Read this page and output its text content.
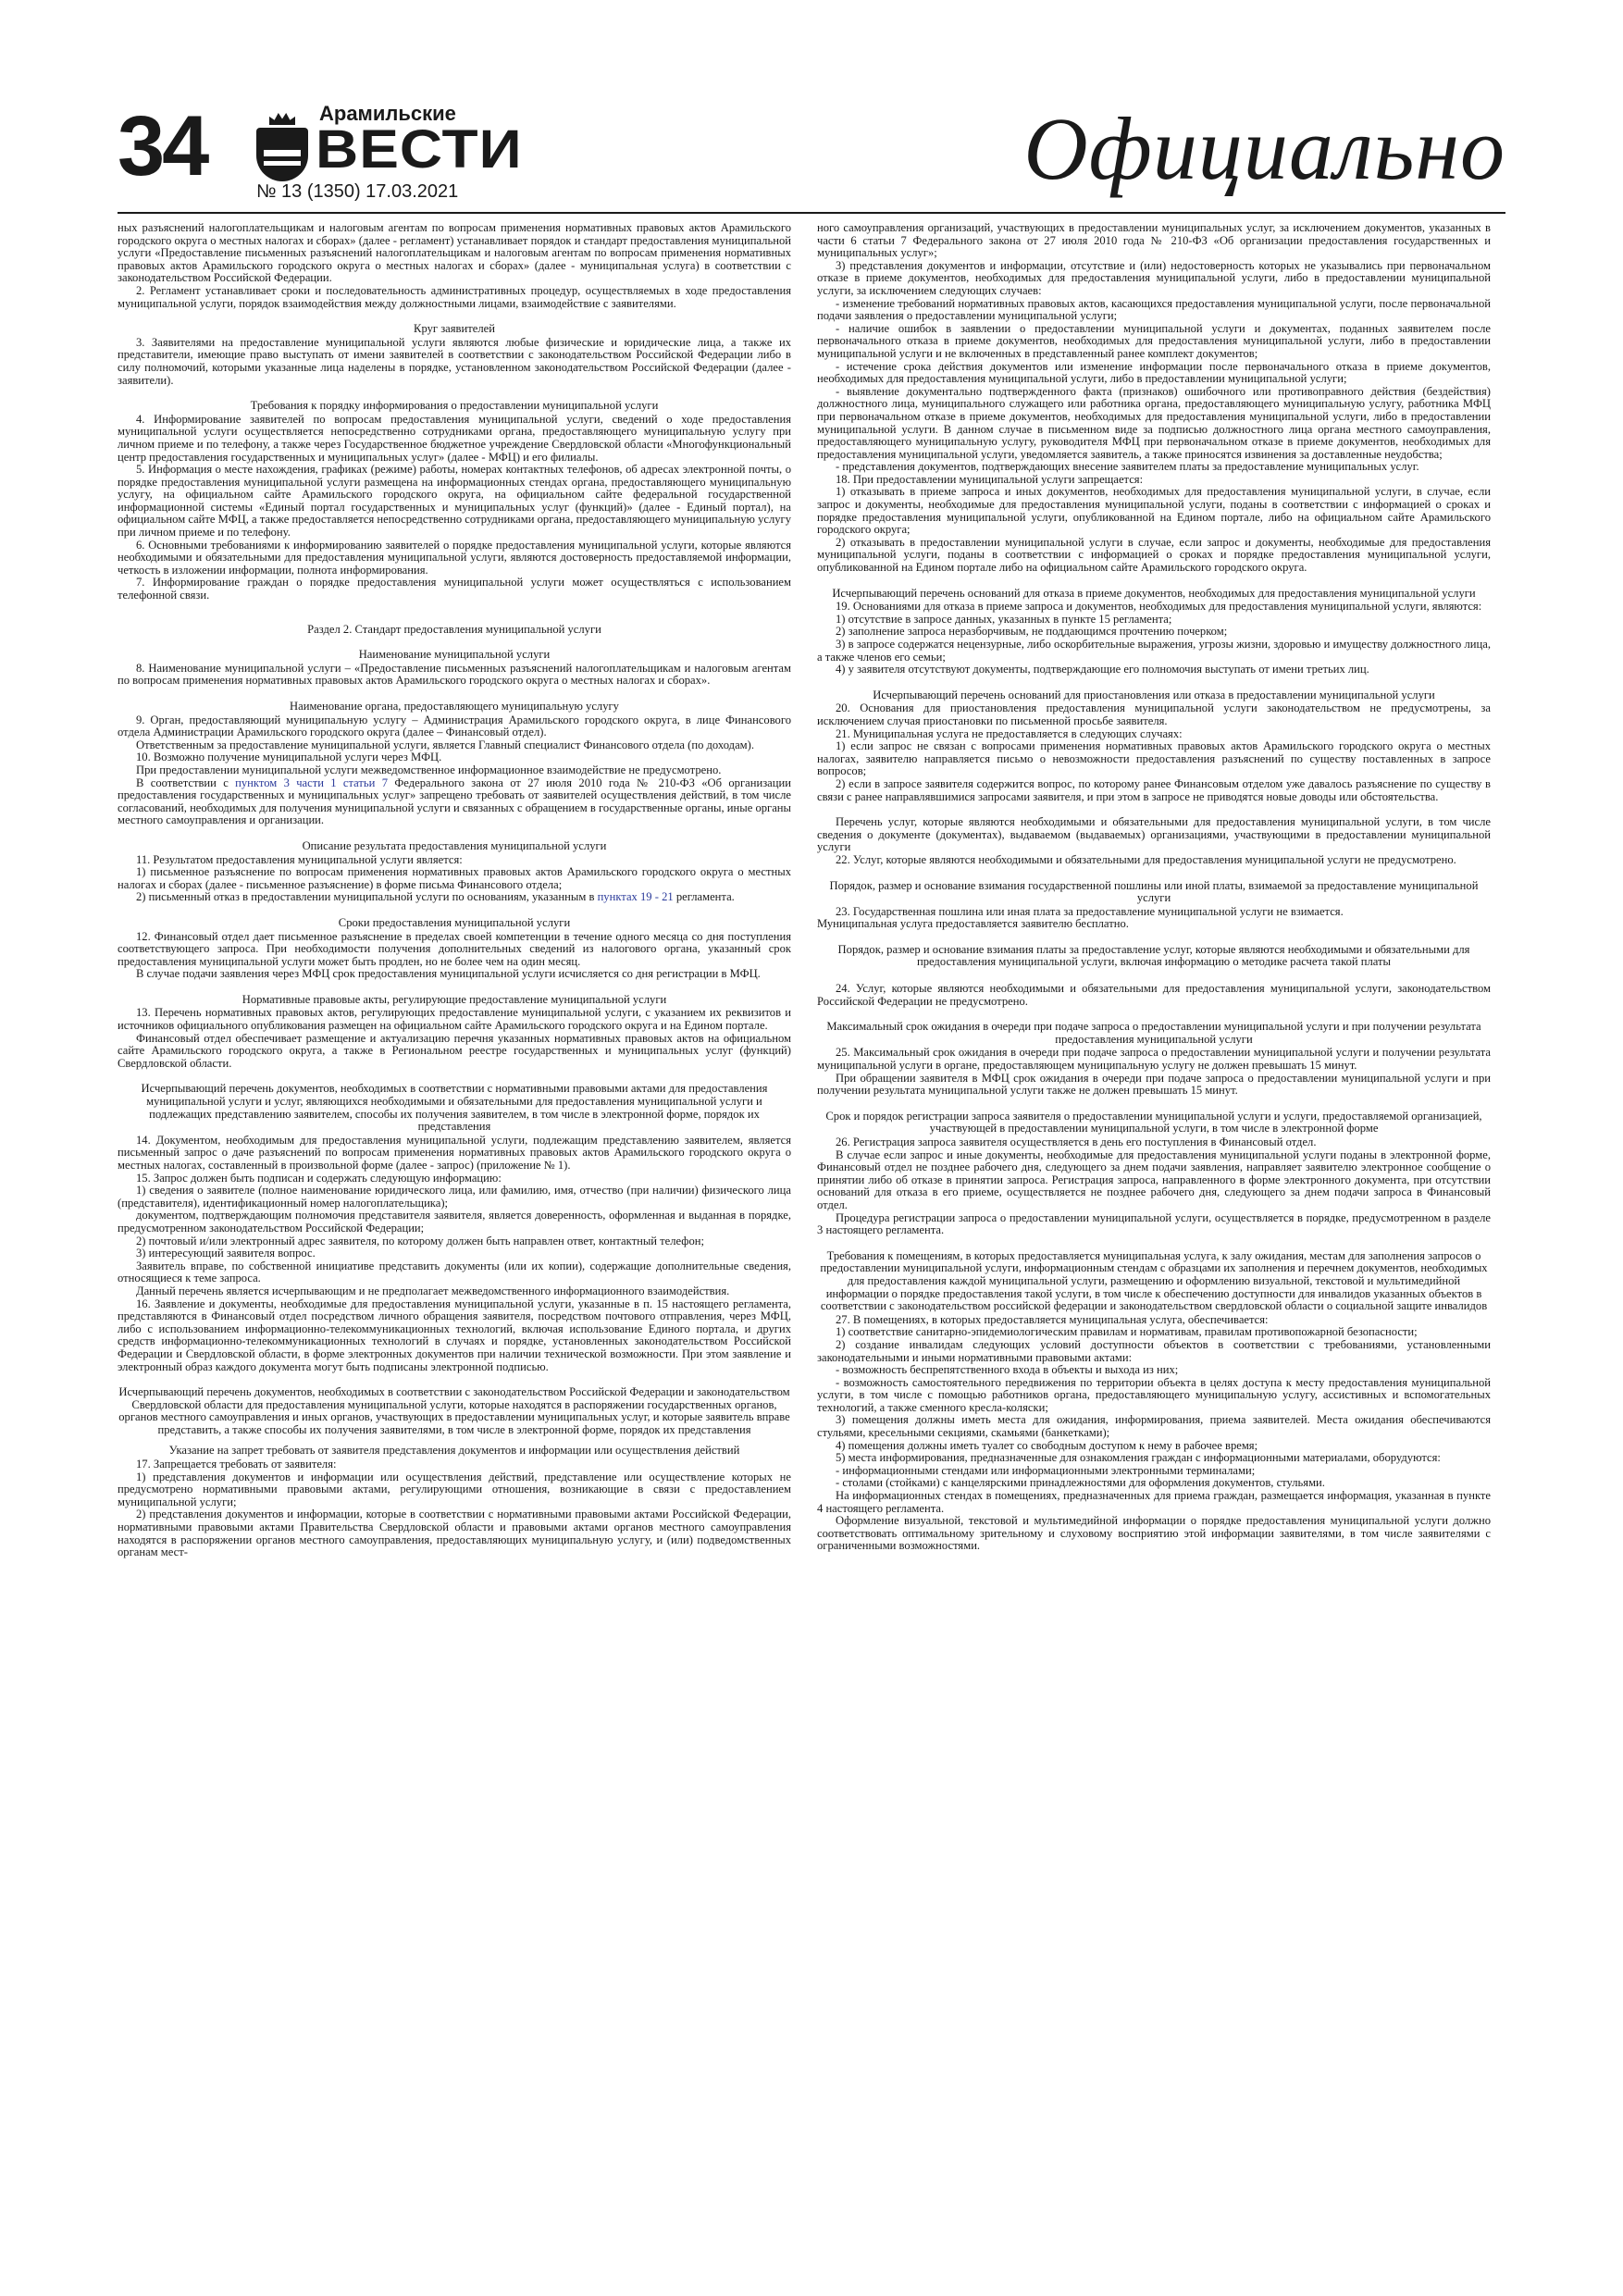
34	Арамильские
ВЕСТИ
№ 13 (1350) 17.03.2021	Официально

ных разъяснений налогоплательщикам и налоговым агентам по вопросам применения нормативных правовых актов Арамильского городского округа о местных налогах и сборах» (далее - регламент) устанавливает порядок и стандарт предоставления муниципальной услуги «Предоставление письменных разъяснений налогоплательщикам и налоговым агентам по вопросам применения нормативных правовых актов Арамильского городского округа о местных налогах и сборах» (далее - муниципальная услуга) в соответствии с законодательством Российской Федерации.

2. Регламент устанавливает сроки и последовательность административных процедур, осуществляемых в ходе предоставления муниципальной услуги, порядок взаимодействия между должностными лицами, взаимодействие с заявителями.

Круг заявителей

3. Заявителями на предоставление муниципальной услуги являются любые физические и юридические лица, а также их представители, имеющие право выступать от имени заявителей в соответствии с законодательством Российской Федерации либо в силу полномочий, которыми указанные лица наделены в порядке, установленном законодательством Российской Федерации (далее - заявители).

Требования к порядку информирования о предоставлении муниципальной услуги

4. Информирование заявителей по вопросам предоставления муниципальной услуги, сведений о ходе предоставления муниципальной услуги осуществляется непосредственно сотрудниками органа, предоставляющего муниципальную услугу при личном приеме и по телефону, а также через Государственное бюджетное учреждение Свердловской области «Многофункциональный центр предоставления государственных и муниципальных услуг» (далее - МФЦ) и его филиалы.

5. Информация о месте нахождения, графиках (режиме) работы, номерах контактных телефонов, об адресах электронной почты, о порядке предоставления муниципальной услуги размещена на информационных стендах органа, предоставляющего муниципальную услугу, на официальном сайте Арамильского городского округа, на официальном сайте федеральной государственной информационной системы «Единый портал государственных и муниципальных услуг (функций)» (далее - Единый портал), на официальном сайте МФЦ, а также предоставляется непосредственно сотрудниками органа, предоставляющего муниципальную услугу при личном приеме и по телефону.

6. Основными требованиями к информированию заявителей о порядке предоставления муниципальной услуги, которые являются необходимыми и обязательными для предоставления муниципальной услуги, являются достоверность предоставляемой информации, четкость в изложении информации, полнота информирования.

7. Информирование граждан о порядке предоставления муниципальной услуги может осуществляться с использованием телефонной связи.

Раздел 2. Стандарт предоставления муниципальной услуги
Наименование муниципальной услуги

8. Наименование муниципальной услуги – «Предоставление письменных разъяснений налогоплательщикам и налоговым агентам по вопросам применения нормативных правовых актов Арамильского городского округа о местных налогах и сборах».

Наименование органа, предоставляющего муниципальную услугу

9. Орган, предоставляющий муниципальную услугу – Администрация Арамильского городского округа, в лице Финансового отдела Администрации Арамильского городского округа (далее – Финансовый отдел).

Ответственным за предоставление муниципальной услуги, является Главный специалист Финансового отдела (по доходам).

10. Возможно получение муниципальной услуги через МФЦ.

При предоставлении муниципальной услуги межведомственное информационное взаимодействие не предусмотрено.

В соответствии с пунктом 3 части 1 статьи 7 Федерального закона от 27 июля 2010 года № 210-ФЗ «Об организации предоставления государственных и муниципальных услуг» запрещено требовать от заявителей осуществления действий, в том числе согласований, необходимых для получения муниципальной услуги и связанных с обращением в государственные органы, иные органы местного самоуправления и организации.

Описание результата предоставления муниципальной услуги

11. Результатом предоставления муниципальной услуги является:

1) письменное разъяснение по вопросам применения нормативных правовых актов Арамильского городского округа о местных налогах и сборах (далее - письменное разъяснение) в форме письма Финансового отдела;

2) письменный отказ в предоставлении муниципальной услуги по основаниям, указанным в пунктах 19 - 21 регламента.

Сроки предоставления муниципальной услуги

12. Финансовый отдел дает письменное разъяснение в пределах своей компетенции в течение одного месяца со дня поступления соответствующего запроса. При необходимости получения дополнительных сведений из налогового органа, указанный срок предоставления муниципальной услуги может быть продлен, но не более чем на один месяц.

В случае подачи заявления через МФЦ срок предоставления муниципальной услуги исчисляется со дня регистрации в МФЦ.

Нормативные правовые акты, регулирующие предоставление муниципальной услуги

13. Перечень нормативных правовых актов, регулирующих предоставление муниципальной услуги, с указанием их реквизитов и источников официального опубликования размещен на официальном сайте Арамильского городского округа и на Едином портале.

Финансовый отдел обеспечивает размещение и актуализацию перечня указанных нормативных правовых актов на официальном сайте Арамильского городского округа, а также в Региональном реестре государственных и муниципальных услуг (функций) Свердловской области.

Исчерпывающий перечень документов, необходимых в соответствии с нормативными правовыми актами для предоставления муниципальной услуги и услуг, являющихся необходимыми и обязательными для предоставления муниципальной услуги и подлежащих представлению заявителем, способы их получения заявителем, в том числе в электронной форме, порядок их представления

14. Документом, необходимым для предоставления муниципальной услуги, подлежащим представлению заявителем, является письменный запрос о даче разъяснений по вопросам применения нормативных правовых актов Арамильского городского округа о местных налогах, составленный в произвольной форме (далее - запрос) (приложение № 1).

15. Запрос должен быть подписан и содержать следующую информацию:

1) сведения о заявителе (полное наименование юридического лица, или фамилию, имя, отчество (при наличии) физического лица (представителя), идентификационный номер налогоплательщика);

документом, подтверждающим полномочия представителя заявителя, является доверенность, оформленная и выданная в порядке, предусмотренном законодательством Российской Федерации;

2) почтовый и/или электронный адрес заявителя, по которому должен быть направлен ответ, контактный телефон;

3) интересующий заявителя вопрос.

Заявитель вправе, по собственной инициативе представить документы (или их копии), содержащие дополнительные сведения, относящиеся к теме запроса.

Данный перечень является исчерпывающим и не предполагает межведомственного информационного взаимодействия.

16. Заявление и документы, необходимые для предоставления муниципальной услуги, указанные в п. 15 настоящего регламента, представляются в Финансовый отдел посредством личного обращения заявителя, посредством почтового отправления, через МФЦ, либо с использованием информационно-телекоммуникационных технологий, включая использование Единого портала, и других средств информационно-телекоммуникационных технологий в случаях и порядке, установленных законодательством Российской Федерации и Свердловской области, в форме электронных документов при наличии технической возможности. При этом заявление и электронный образ каждого документа могут быть подписаны электронной подписью.

Исчерпывающий перечень документов, необходимых в соответствии с законодательством Российской Федерации и законодательством Свердловской области для предоставления муниципальной услуги, которые находятся в распоряжении государственных органов, органов местного самоуправления и иных органов, участвующих в предоставлении муниципальных услуг, и которые заявитель вправе представить, а также способы их получения заявителями, в том числе в электронной форме, порядок их представления
Указание на запрет требовать от заявителя представления документов и информации или осуществления действий

17. Запрещается требовать от заявителя:

1) представления документов и информации или осуществления действий, представление или осуществление которых не предусмотрено нормативными правовыми актами, регулирующими отношения, возникающие в связи с предоставлением муниципальной услуги;

2) представления документов и информации, которые в соответствии с нормативными правовыми актами Российской Федерации, нормативными правовыми актами Правительства Свердловской области и правовыми актами органов местного самоуправления находятся в распоряжении органов местного самоуправления, предоставляющих муниципальную услугу, и (или) подведомственных органам мест-

ного самоуправления организаций, участвующих в предоставлении муниципальных услуг, за исключением документов, указанных в части 6 статьи 7 Федерального закона от 27 июля 2010 года № 210-ФЗ «Об организации предоставления государственных и муниципальных услуг»;

3) представления документов и информации, отсутствие и (или) недостоверность которых не указывались при первоначальном отказе в приеме документов, необходимых для предоставления муниципальной услуги, либо в предоставлении муниципальной услуги, за исключением следующих случаев:

- изменение требований нормативных правовых актов, касающихся предоставления муниципальной услуги, после первоначальной подачи заявления о предоставлении муниципальной услуги;

- наличие ошибок в заявлении о предоставлении муниципальной услуги и документах, поданных заявителем после первоначального отказа в приеме документов, необходимых для предоставления муниципальной услуги, либо в предоставлении муниципальной услуги и не включенных в представленный ранее комплект документов;

- истечение срока действия документов или изменение информации после первоначального отказа в приеме документов, необходимых для предоставления муниципальной услуги, либо в предоставлении муниципальной услуги;

- выявление документально подтвержденного факта (признаков) ошибочного или противоправного действия (бездействия) должностного лица, муниципального служащего или работника органа, предоставляющего муниципальную услугу, работника МФЦ при первоначальном отказе в приеме документов, необходимых для предоставления муниципальной услуги, либо в предоставлении муниципальной услуги. В данном случае в письменном виде за подписью должностного лица органа местного самоуправления, предоставляющего муниципальную услугу, руководителя МФЦ при первоначальном отказе в приеме документов, необходимых для предоставления муниципальной услуги, уведомляется заявитель, а также приносятся извинения за доставленные неудобства;

- представления документов, подтверждающих внесение заявителем платы за предоставление муниципальных услуг.

18. При предоставлении муниципальной услуги запрещается:

1) отказывать в приеме запроса и иных документов, необходимых для предоставления муниципальной услуги, в случае, если запрос и документы, необходимые для предоставления муниципальной услуги, поданы в соответствии с информацией о сроках и порядке предоставления муниципальной услуги, опубликованной на Едином портале, либо на официальном сайте Арамильского городского округа;

2) отказывать в предоставлении муниципальной услуги в случае, если запрос и документы, необходимые для предоставления муниципальной услуги, поданы в соответствии с информацией о сроках и порядке предоставления муниципальной услуги, опубликованной на Едином портале либо на официальном сайте Арамильского городского округа.

Исчерпывающий перечень оснований для отказа в приеме документов, необходимых для предоставления муниципальной услуги

19. Основаниями для отказа в приеме запроса и документов, необходимых для предоставления муниципальной услуги, являются:

1) отсутствие в запросе данных, указанных в пункте 15 регламента;

2) заполнение запроса неразборчивым, не поддающимся прочтению почерком;

3) в запросе содержатся нецензурные, либо оскорбительные выражения, угрозы жизни, здоровью и имуществу должностного лица, а также членов его семьи;

4) у заявителя отсутствуют документы, подтверждающие его полномочия выступать от имени третьих лиц.

Исчерпывающий перечень оснований для приостановления или отказа в предоставлении муниципальной услуги

20. Основания для приостановления предоставления муниципальной услуги законодательством не предусмотрены, за исключением случая приостановки по письменной просьбе заявителя.

21. Муниципальная услуга не предоставляется в следующих случаях:

1) если запрос не связан с вопросами применения нормативных правовых актов Арамильского городского округа о местных налогах, заявителю направляется письмо о невозможности предоставления разъяснений по существу поставленных в запросе вопросов;

2) если в запросе заявителя содержится вопрос, по которому ранее Финансовым отделом уже давалось разъяснение по существу в связи с ранее направлявшимися запросами заявителя, и при этом в запросе не приводятся новые доводы или обстоятельства.

Перечень услуг, которые являются необходимыми и обязательными для предоставления муниципальной услуги, в том числе сведения о документе (документах), выдаваемом (выдаваемых) организациями, участвующими в предоставлении муниципальной услуги

22. Услуг, которые являются необходимыми и обязательными для предоставления муниципальной услуги не предусмотрено.

Порядок, размер и основание взимания государственной пошлины или иной платы, взимаемой за предоставление муниципальной услуги

23. Государственная пошлина или иная плата за предоставление муниципальной услуги не взимается.

Муниципальная услуга предоставляется заявителю бесплатно.

Порядок, размер и основание взимания платы за предоставление услуг, которые являются необходимыми и обязательными для предоставления муниципальной услуги, включая информацию о методике расчета такой платы

24. Услуг, которые являются необходимыми и обязательными для предоставления муниципальной услуги, законодательством Российской Федерации не предусмотрено.

Максимальный срок ожидания в очереди при подаче запроса о предоставлении муниципальной услуги и при получении результата предоставления муниципальной услуги

25. Максимальный срок ожидания в очереди при подаче запроса о предоставлении муниципальной услуги и получении результата муниципальной услуги в органе, предоставляющем муниципальную услугу не должен превышать 15 минут.

При обращении заявителя в МФЦ срок ожидания в очереди при подаче запроса о предоставлении муниципальной услуги и при получении результата муниципальной услуги также не должен превышать 15 минут.

Срок и порядок регистрации запроса заявителя о предоставлении муниципальной услуги и услуги, предоставляемой организацией, участвующей в предоставлении муниципальной услуги, в том числе в электронной форме

26. Регистрация запроса заявителя осуществляется в день его поступления в Финансовый отдел.

В случае если запрос и иные документы, необходимые для предоставления муниципальной услуги поданы в электронной форме, Финансовый отдел не позднее рабочего дня, следующего за днем подачи заявления, направляет заявителю электронное сообщение о принятии либо об отказе в принятии запроса. Регистрация запроса, направленного в форме электронного документа, при отсутствии оснований для отказа в его приеме, осуществляется не позднее рабочего дня, следующего за днем подачи запроса в Финансовый отдел.

Процедура регистрации запроса о предоставлении муниципальной услуги, осуществляется в порядке, предусмотренном в разделе 3 настоящего регламента.

Требования к помещениям, в которых предоставляется муниципальная услуга, к залу ожидания, местам для заполнения запросов о предоставлении муниципальной услуги, информационным стендам с образцами их заполнения и перечнем документов, необходимых для предоставления каждой муниципальной услуги, размещению и оформлению визуальной, текстовой и мультимедийной информации о порядке предоставления такой услуги, в том числе к обеспечению доступности для инвалидов указанных объектов в соответствии с законодательством российской федерации и законодательством свердловской области о социальной защите инвалидов

27. В помещениях, в которых предоставляется муниципальная услуга, обеспечивается:

1) соответствие санитарно-эпидемиологическим правилам и нормативам, правилам противопожарной безопасности;

2) создание инвалидам следующих условий доступности объектов в соответствии с требованиями, установленными законодательными и иными нормативными правовыми актами:

- возможность беспрепятственного входа в объекты и выхода из них;

- возможность самостоятельного передвижения по территории объекта в целях доступа к месту предоставления муниципальной услуги, в том числе с помощью работников органа, предоставляющего муниципальную услугу, ассистивных и вспомогательных технологий, а также сменного кресла-коляски;

3) помещения должны иметь места для ожидания, информирования, приема заявителей. Места ожидания обеспечиваются стульями, кресельными секциями, скамьями (банкетками);

4) помещения должны иметь туалет со свободным доступом к нему в рабочее время;

5) места информирования, предназначенные для ознакомления граждан с информационными материалами, оборудуются:

- информационными стендами или информационными электронными терминалами;

- столами (стойками) с канцелярскими принадлежностями для оформления документов, стульями.

На информационных стендах в помещениях, предназначенных для приема граждан, размещается информация, указанная в пункте 4 настоящего регламента.

Оформление визуальной, текстовой и мультимедийной информации о порядке предоставления муниципальной услуги должно соответствовать оптимальному зрительному и слуховому восприятию этой информации заявителями, в том числе заявителями с ограниченными возможностями.
